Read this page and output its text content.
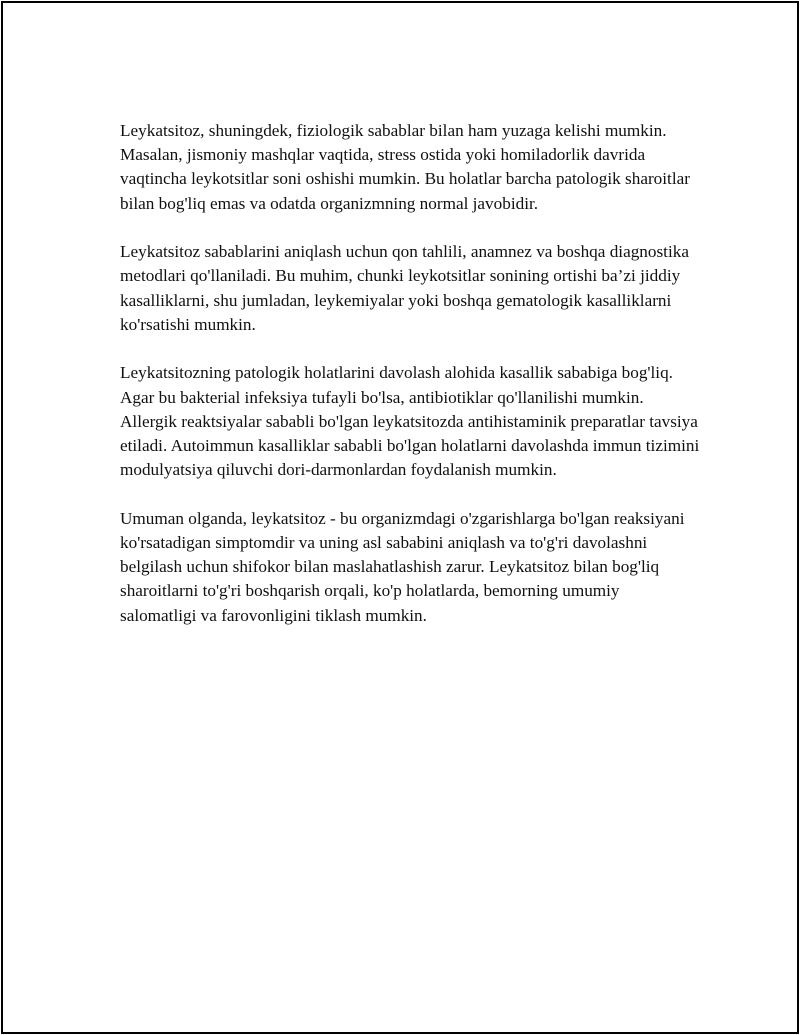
Leykatsitoz, shuningdek, fiziologik sabablar bilan ham yuzaga kelishi mumkin. Masalan, jismoniy mashqlar vaqtida, stress ostida yoki homiladorlik davrida vaqtincha leykotsitlar soni oshishi mumkin. Bu holatlar barcha patologik sharoitlar bilan bog'liq emas va odatda organizmning normal javobidir.

Leykatsitoz sabablarini aniqlash uchun qon tahlili, anamnez va boshqa diagnostika metodlari qo'llaniladi. Bu muhim, chunki leykotsitlar sonining ortishi ba’zi jiddiy kasalliklarni, shu jumladan, leykemiyalar yoki boshqa gematologik kasalliklarni ko'rsatishi mumkin.

Leykatsitozning patologik holatlarini davolash alohida kasallik sababiga bog'liq. Agar bu bakterial infeksiya tufayli bo'lsa, antibiotiklar qo'llanilishi mumkin. Allergik reaktsiyalar sababli bo'lgan leykatsitozda antihistaminik preparatlar tavsiya etiladi. Autoimmun kasalliklar sababli bo'lgan holatlarni davolashda immun tizimini modulyatsiya qiluvchi dori-darmonlardan foydalanish mumkin.

Umuman olganda, leykatsitoz - bu organizmdagi o'zgarishlarga bo'lgan reaksiyani ko'rsatadigan simptomdir va uning asl sababini aniqlash va to'g'ri davolashni belgilash uchun shifokor bilan maslahatlashish zarur. Leykatsitoz bilan bog'liq sharoitlarni to'g'ri boshqarish orqali, ko'p holatlarda, bemorning umumiy salomatligi va farovonligini tiklash mumkin.
